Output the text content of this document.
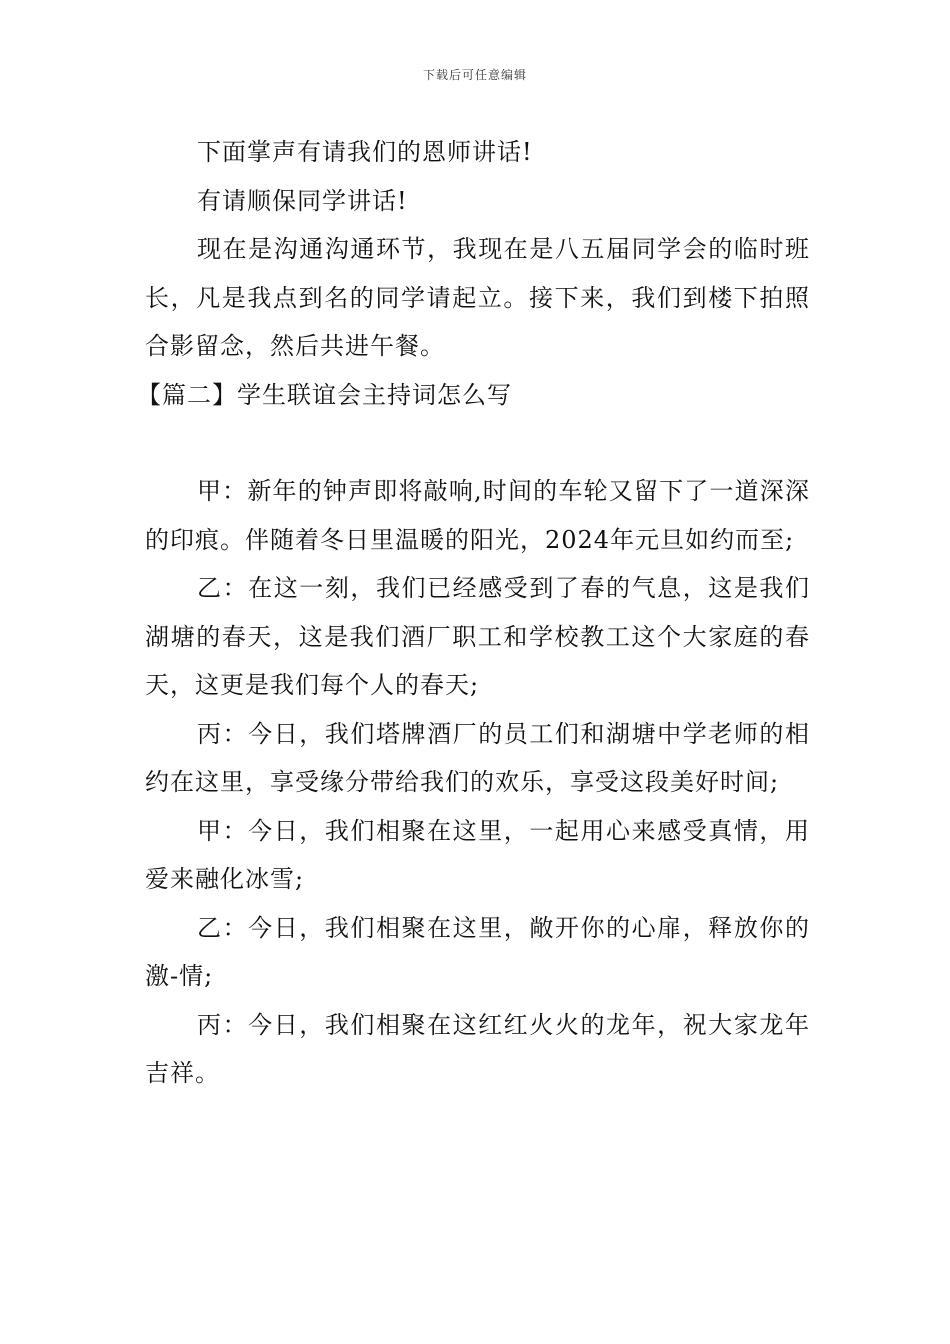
下载后可任意编辑

下面掌声有请我们的恩师讲话!

有请顺保同学讲话!

现在是沟通沟通环节，我现在是八五届同学会的临时班长，凡是我点到名的同学请起立。接下来，我们到楼下拍照合影留念，然后共进午餐。

【篇二】学生联谊会主持词怎么写

甲：新年的钟声即将敲响,时间的车轮又留下了一道深深的印痕。伴随着冬日里温暖的阳光，2024年元旦如约而至;

乙：在这一刻，我们已经感受到了春的气息，这是我们湖塘的春天，这是我们酒厂职工和学校教工这个大家庭的春天，这更是我们每个人的春天;

丙：今日，我们塔牌酒厂的员工们和湖塘中学老师的相约在这里，享受缘分带给我们的欢乐，享受这段美好时间;

甲：今日，我们相聚在这里，一起用心来感受真情，用爱来融化冰雪;

乙：今日，我们相聚在这里，敞开你的心扉，释放你的激-情;

丙：今日，我们相聚在这红红火火的龙年，祝大家龙年吉祥。
